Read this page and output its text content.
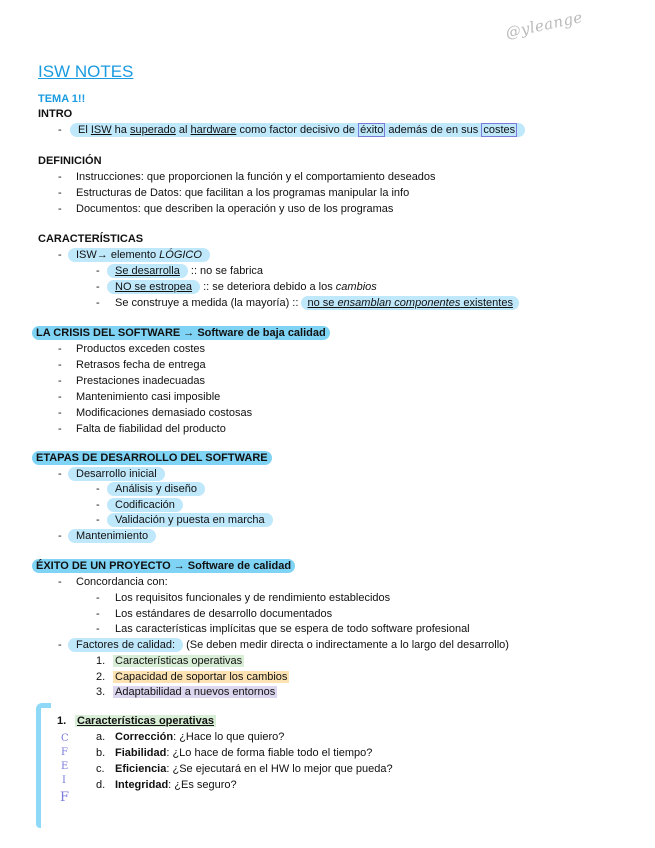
@yleange
ISW NOTES
TEMA 1!!
INTRO
-	El ISW ha superado al hardware como factor decisivo de éxito además de en sus costes
DEFINICIÓN
- Instrucciones: que proporcionen la función y el comportamiento deseados
- Estructuras de Datos: que facilitan a los programas manipular la info
- Documentos: que describen la operación y uso de los programas
CARACTERÍSTICAS
-	ISW→ elemento LÓGICO
-	Se desarrolla :: no se fabrica
-	NO se estropea :: se deteriora debido a los cambios
- Se construye a medida (la mayoría) :: no se ensamblan componentes existentes
LA CRISIS DEL SOFTWARE → Software de baja calidad
- Productos exceden costes
- Retrasos fecha de entrega
- Prestaciones inadecuadas
- Mantenimiento casi imposible
- Modificaciones demasiado costosas
- Falta de fiabilidad del producto
ETAPAS DE DESARROLLO DEL SOFTWARE
-	Desarrollo inicial
-	Análisis y diseño
-	Codificación
-	Validación y puesta en marcha
-	Mantenimiento
ÉXITO DE UN PROYECTO → Software de calidad
- Concordancia con:
- Los requisitos funcionales y de rendimiento establecidos
- Los estándares de desarrollo documentados
- Las características implícitas que se espera de todo software profesional
-	Factores de calidad: (Se deben medir directa o indirectamente a lo largo del desarrollo)
1. Características operativas
2. Capacidad de soportar los cambios
3. Adaptabilidad a nuevos entornos
1. Características operativas
a. Corrección: ¿Hace lo que quiero?
b. Fiabilidad: ¿Lo hace de forma fiable todo el tiempo?
c. Eficiencia: ¿Se ejecutará en el HW lo mejor que pueda?
d. Integridad: ¿Es seguro?
C
F
E
I
F
